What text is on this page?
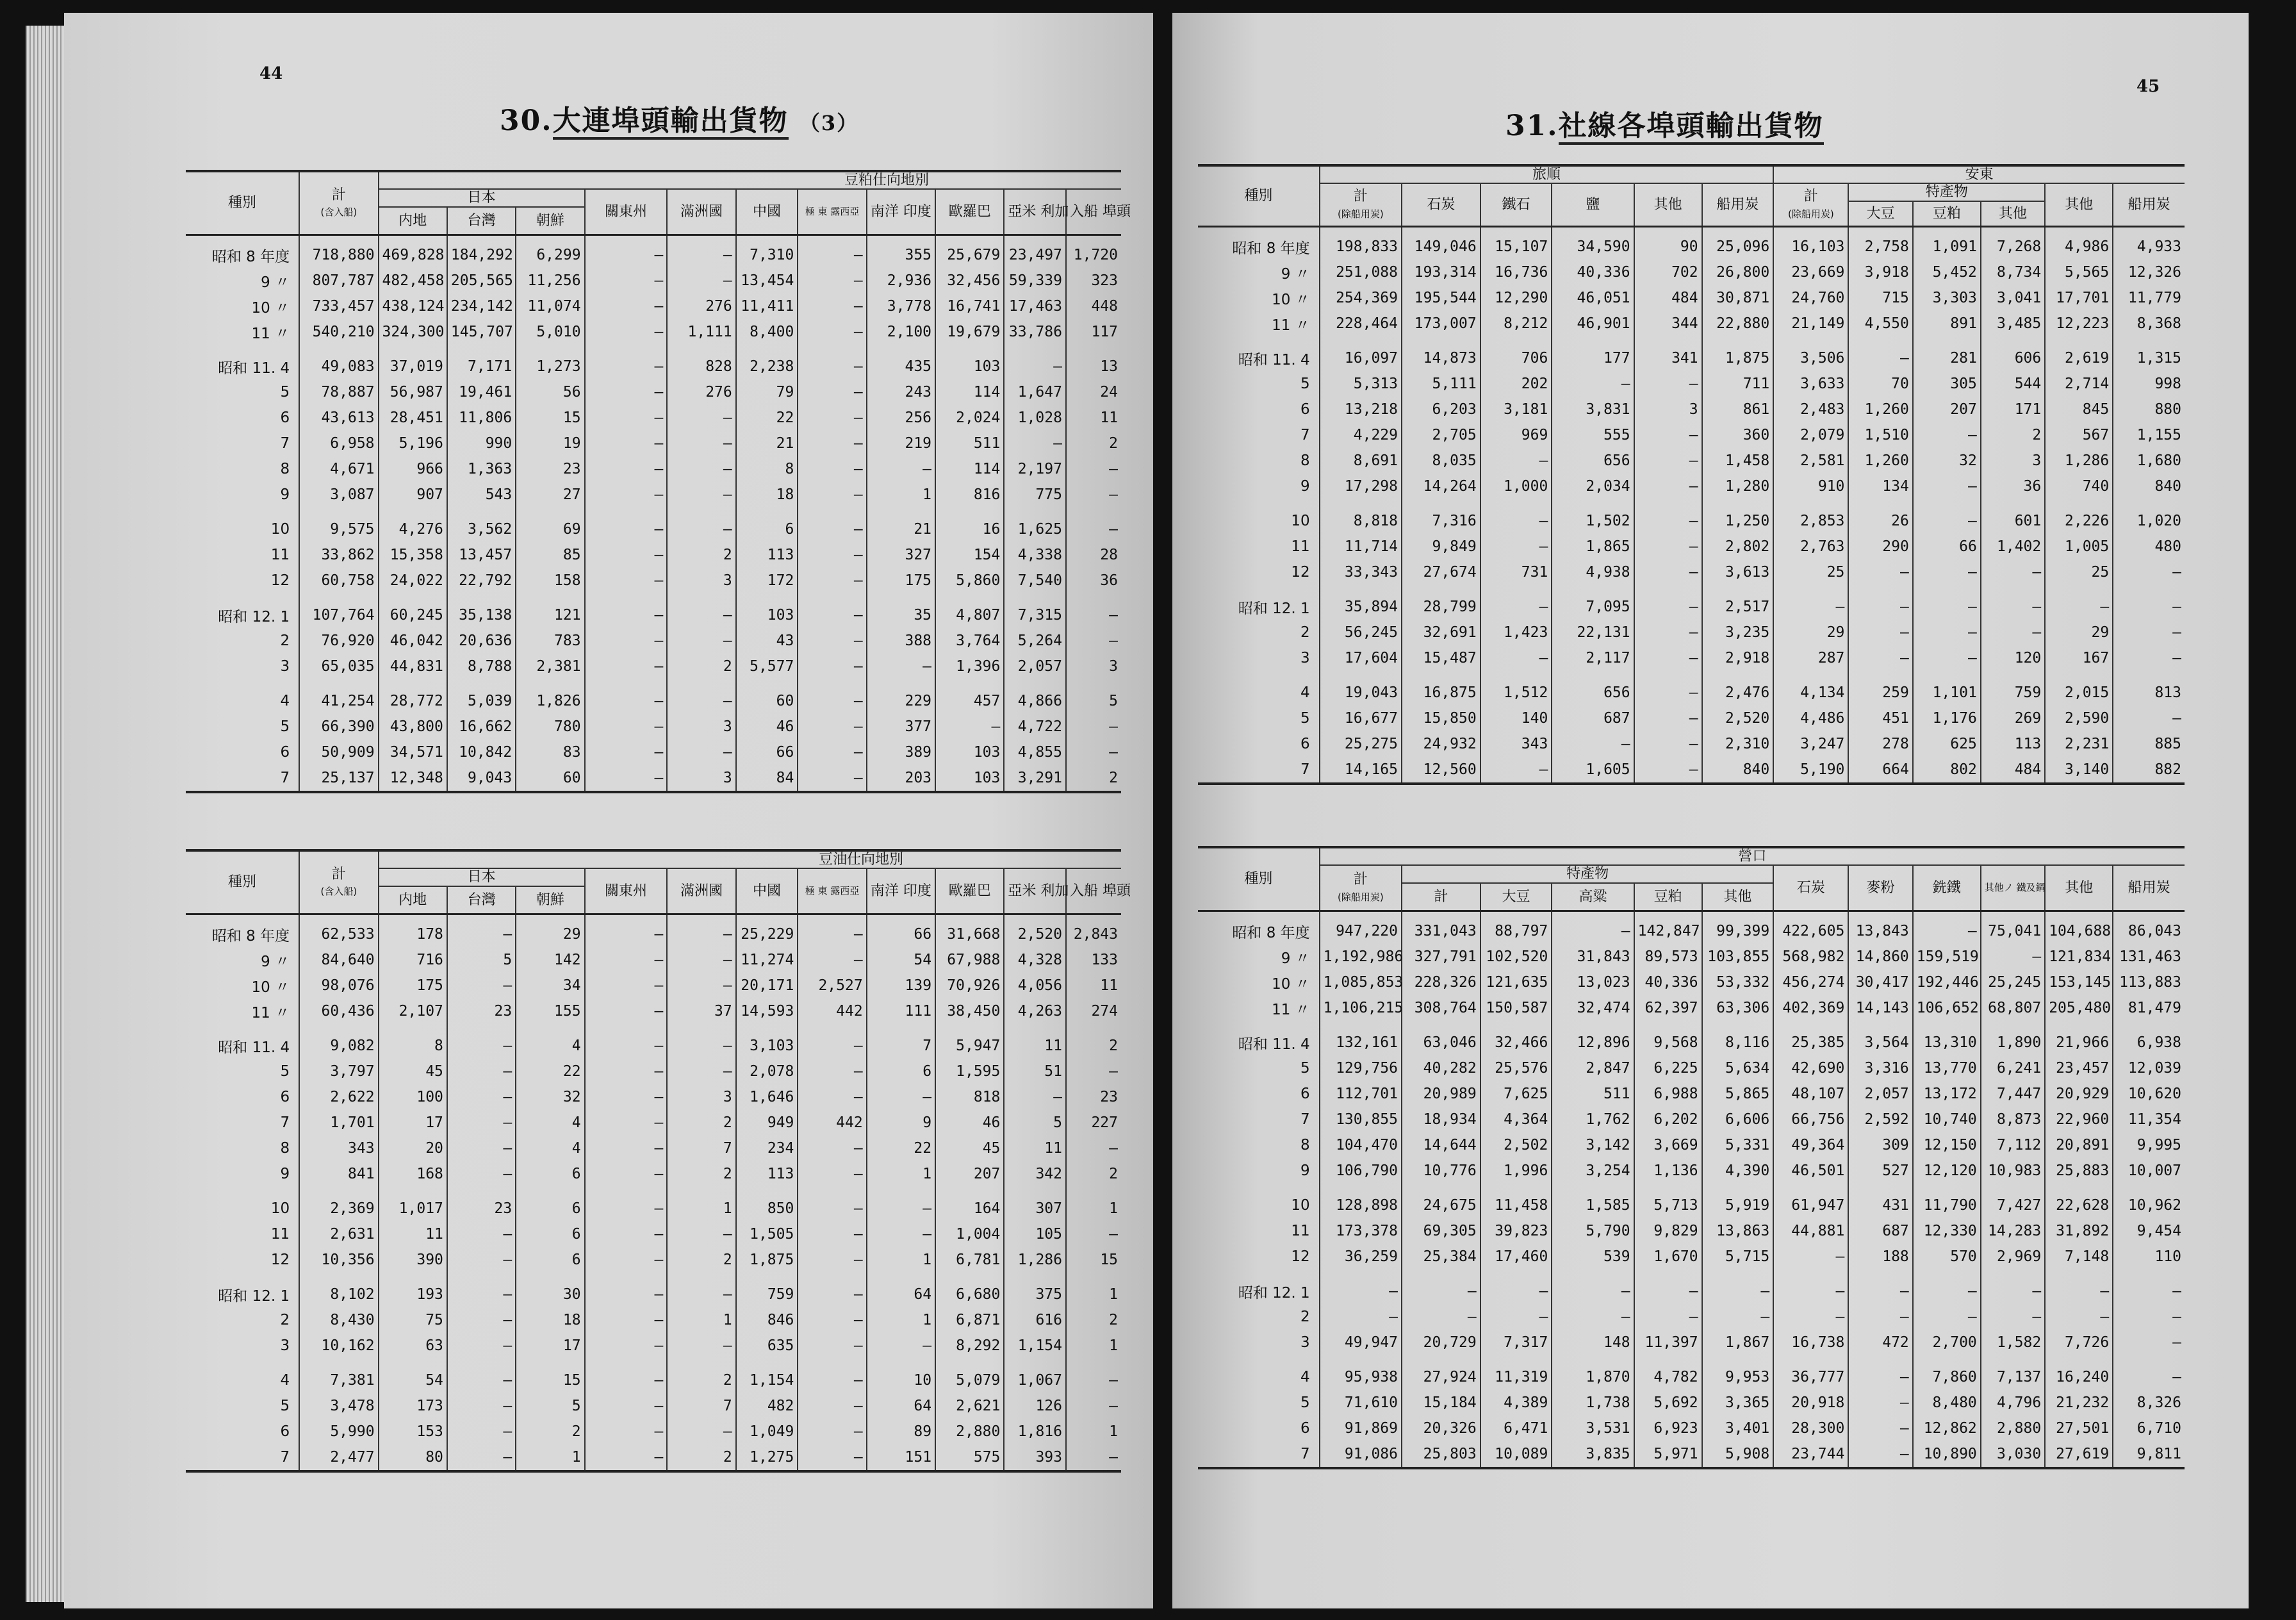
44
30.大連埠頭輸出貨物 （3）
種別	計
(含入船)	豆粕仕向地別										
		日本			關東州	滿洲國	中國	極 東 露西亞	南洋 印度	歐羅巴	亞米 利加	入船 埠頭
		内地	台灣	朝鮮								
昭和 8 年度	718,880	469,828	184,292	6,299	—	—	7,310	—	355	25,679	23,497	1,720
9 〃	807,787	482,458	205,565	11,256	—	—	13,454	—	2,936	32,456	59,339	323
10 〃	733,457	438,124	234,142	11,074	—	276	11,411	—	3,778	16,741	17,463	448
11 〃	540,210	324,300	145,707	5,010	—	1,111	8,400	—	2,100	19,679	33,786	117
昭和 11. 4	49,083	37,019	7,171	1,273	—	828	2,238	—	435	103	—	13
5	78,887	56,987	19,461	56	—	276	79	—	243	114	1,647	24
6	43,613	28,451	11,806	15	—	—	22	—	256	2,024	1,028	11
7	6,958	5,196	990	19	—	—	21	—	219	511	—	2
8	4,671	966	1,363	23	—	—	8	—	—	114	2,197	—
9	3,087	907	543	27	—	—	18	—	1	816	775	—
10	9,575	4,276	3,562	69	—	—	6	—	21	16	1,625	—
11	33,862	15,358	13,457	85	—	2	113	—	327	154	4,338	28
12	60,758	24,022	22,792	158	—	3	172	—	175	5,860	7,540	36
昭和 12. 1	107,764	60,245	35,138	121	—	—	103	—	35	4,807	7,315	—
2	76,920	46,042	20,636	783	—	—	43	—	388	3,764	5,264	—
3	65,035	44,831	8,788	2,381	—	2	5,577	—	—	1,396	2,057	3
4	41,254	28,772	5,039	1,826	—	—	60	—	229	457	4,866	5
5	66,390	43,800	16,662	780	—	3	46	—	377	—	4,722	—
6	50,909	34,571	10,842	83	—	—	66	—	389	103	4,855	—
7	25,137	12,348	9,043	60	—	3	84	—	203	103	3,291	2
種別	計
(含入船)	豆油仕向地別										
		日本			關東州	滿洲國	中國	極 東 露西亞	南洋 印度	歐羅巴	亞米 利加	入船 埠頭
		内地	台灣	朝鮮								
昭和 8 年度	62,533	178	—	29	—	—	25,229	—	66	31,668	2,520	2,843
9 〃	84,640	716	5	142	—	—	11,274	—	54	67,988	4,328	133
10 〃	98,076	175	—	34	—	—	20,171	2,527	139	70,926	4,056	11
11 〃	60,436	2,107	23	155	—	37	14,593	442	111	38,450	4,263	274
昭和 11. 4	9,082	8	—	4	—	—	3,103	—	7	5,947	11	2
5	3,797	45	—	22	—	—	2,078	—	6	1,595	51	—
6	2,622	100	—	32	—	3	1,646	—	—	818	—	23
7	1,701	17	—	4	—	2	949	442	9	46	5	227
8	343	20	—	4	—	7	234	—	22	45	11	—
9	841	168	—	6	—	2	113	—	1	207	342	2
10	2,369	1,017	23	6	—	1	850	—	—	164	307	1
11	2,631	11	—	6	—	—	1,505	—	—	1,004	105	—
12	10,356	390	—	6	—	2	1,875	—	1	6,781	1,286	15
昭和 12. 1	8,102	193	—	30	—	—	759	—	64	6,680	375	1
2	8,430	75	—	18	—	1	846	—	1	6,871	616	2
3	10,162	63	—	17	—	—	635	—	—	8,292	1,154	1
4	7,381	54	—	15	—	2	1,154	—	10	5,079	1,067	—
5	3,478	173	—	5	—	7	482	—	64	2,621	126	—
6	5,990	153	—	2	—	—	1,049	—	89	2,880	1,816	1
7	2,477	80	—	1	—	2	1,275	—	151	575	393	—
45
31.社線各埠頭輸出貨物
種別	旅順						安東					
	計
(除船用炭)	石炭	鐵石	鹽	其他	船用炭	計
(除船用炭)	特產物			其他	船用炭
								大豆	豆粕	其他		
昭和 8 年度	198,833	149,046	15,107	34,590	90	25,096	16,103	2,758	1,091	7,268	4,986	4,933
9 〃	251,088	193,314	16,736	40,336	702	26,800	23,669	3,918	5,452	8,734	5,565	12,326
10 〃	254,369	195,544	12,290	46,051	484	30,871	24,760	715	3,303	3,041	17,701	11,779
11 〃	228,464	173,007	8,212	46,901	344	22,880	21,149	4,550	891	3,485	12,223	8,368
昭和 11. 4	16,097	14,873	706	177	341	1,875	3,506	—	281	606	2,619	1,315
5	5,313	5,111	202	—	—	711	3,633	70	305	544	2,714	998
6	13,218	6,203	3,181	3,831	3	861	2,483	1,260	207	171	845	880
7	4,229	2,705	969	555	—	360	2,079	1,510	—	2	567	1,155
8	8,691	8,035	—	656	—	1,458	2,581	1,260	32	3	1,286	1,680
9	17,298	14,264	1,000	2,034	—	1,280	910	134	—	36	740	840
10	8,818	7,316	—	1,502	—	1,250	2,853	26	—	601	2,226	1,020
11	11,714	9,849	—	1,865	—	2,802	2,763	290	66	1,402	1,005	480
12	33,343	27,674	731	4,938	—	3,613	25	—	—	—	25	—
昭和 12. 1	35,894	28,799	—	7,095	—	2,517	—	—	—	—	—	—
2	56,245	32,691	1,423	22,131	—	3,235	29	—	—	—	29	—
3	17,604	15,487	—	2,117	—	2,918	287	—	—	120	167	—
4	19,043	16,875	1,512	656	—	2,476	4,134	259	1,101	759	2,015	813
5	16,677	15,850	140	687	—	2,520	4,486	451	1,176	269	2,590	—
6	25,275	24,932	343	—	—	2,310	3,247	278	625	113	2,231	885
7	14,165	12,560	—	1,605	—	840	5,190	664	802	484	3,140	882
種別	營口											
	計
(除船用炭)	特產物					石炭	麥粉	銑鐵	其他ノ 鐵及鋼	其他	船用炭
		計	大豆	高粱	豆粕	其他						
昭和 8 年度	947,220	331,043	88,797	—	142,847	99,399	422,605	13,843	—	75,041	104,688	86,043
9 〃	1,192,986	327,791	102,520	31,843	89,573	103,855	568,982	14,860	159,519	—	121,834	131,463
10 〃	1,085,853	228,326	121,635	13,023	40,336	53,332	456,274	30,417	192,446	25,245	153,145	113,883
11 〃	1,106,215	308,764	150,587	32,474	62,397	63,306	402,369	14,143	106,652	68,807	205,480	81,479
昭和 11. 4	132,161	63,046	32,466	12,896	9,568	8,116	25,385	3,564	13,310	1,890	21,966	6,938
5	129,756	40,282	25,576	2,847	6,225	5,634	42,690	3,316	13,770	6,241	23,457	12,039
6	112,701	20,989	7,625	511	6,988	5,865	48,107	2,057	13,172	7,447	20,929	10,620
7	130,855	18,934	4,364	1,762	6,202	6,606	66,756	2,592	10,740	8,873	22,960	11,354
8	104,470	14,644	2,502	3,142	3,669	5,331	49,364	309	12,150	7,112	20,891	9,995
9	106,790	10,776	1,996	3,254	1,136	4,390	46,501	527	12,120	10,983	25,883	10,007
10	128,898	24,675	11,458	1,585	5,713	5,919	61,947	431	11,790	7,427	22,628	10,962
11	173,378	69,305	39,823	5,790	9,829	13,863	44,881	687	12,330	14,283	31,892	9,454
12	36,259	25,384	17,460	539	1,670	5,715	—	188	570	2,969	7,148	110
昭和 12. 1	—	—	—	—	—	—	—	—	—	—	—	—
2	—	—	—	—	—	—	—	—	—	—	—	—
3	49,947	20,729	7,317	148	11,397	1,867	16,738	472	2,700	1,582	7,726	—
4	95,938	27,924	11,319	1,870	4,782	9,953	36,777	—	7,860	7,137	16,240	—
5	71,610	15,184	4,389	1,738	5,692	3,365	20,918	—	8,480	4,796	21,232	8,326
6	91,869	20,326	6,471	3,531	6,923	3,401	28,300	—	12,862	2,880	27,501	6,710
7	91,086	25,803	10,089	3,835	5,971	5,908	23,744	—	10,890	3,030	27,619	9,811
